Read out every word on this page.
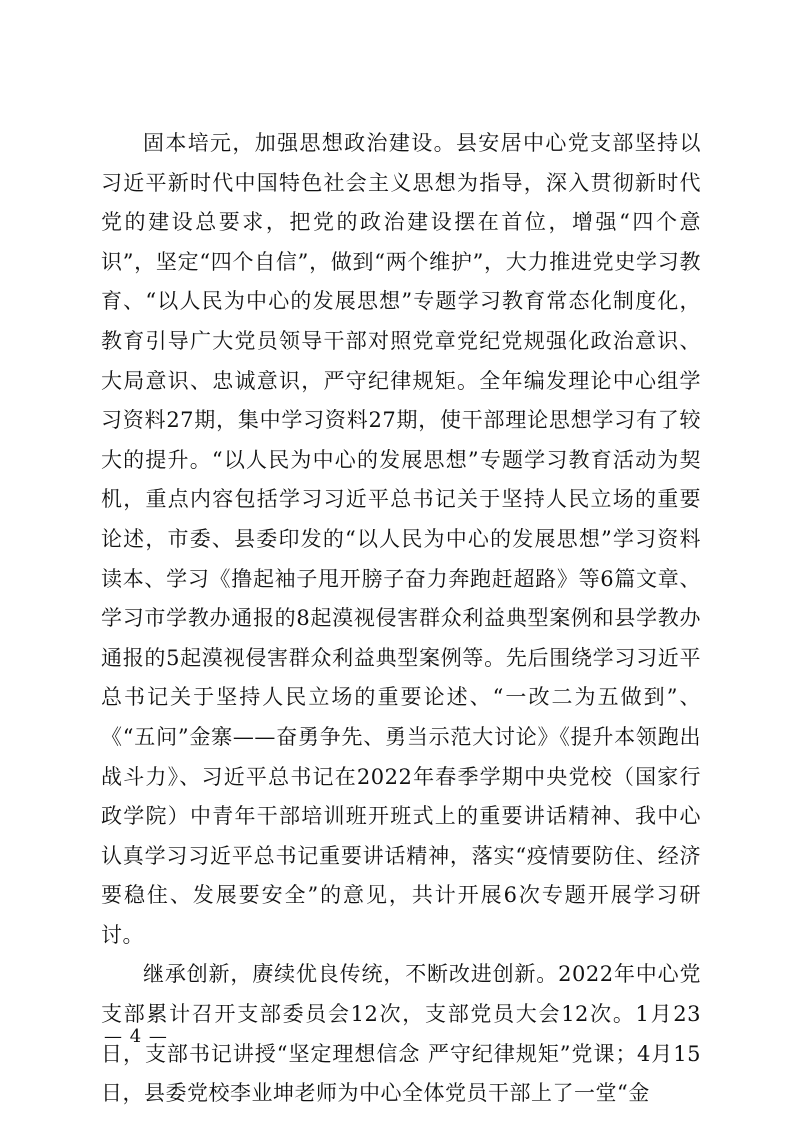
固本培元，加强思想政治建设。县安居中心党支部坚持以习近平新时代中国特色社会主义思想为指导，深入贯彻新时代党的建设总要求，把党的政治建设摆在首位，增强“四个意识”，坚定“四个自信”，做到“两个维护”，大力推进党史学习教育、“以人民为中心的发展思想”专题学习教育常态化制度化，教育引导广大党员领导干部对照党章党纪党规强化政治意识、大局意识、忠诚意识，严守纪律规矩。全年编发理论中心组学习资料27期，集中学习资料27期，使干部理论思想学习有了较大的提升。“以人民为中心的发展思想”专题学习教育活动为契机，重点内容包括学习习近平总书记关于坚持人民立场的重要论述，市委、县委印发的“以人民为中心的发展思想”学习资料读本、学习《撸起袖子甩开膀子奋力奔跑赶超路》等6篇文章、学习市学教办通报的8起漠视侵害群众利益典型案例和县学教办通报的5起漠视侵害群众利益典型案例等。先后围绕学习习近平总书记关于坚持人民立场的重要论述、“一改二为五做到”、《“五问”金寨——奋勇争先、勇当示范大讨论》《提升本领跑出战斗力》、习近平总书记在2022年春季学期中央党校（国家行政学院）中青年干部培训班开班式上的重要讲话精神、我中心认真学习习近平总书记重要讲话精神，落实“疫情要防住、经济要稳住、发展要安全”的意见，共计开展6次专题开展学习研讨。

继承创新，赓续优良传统，不断改进创新。2022年中心党支部累计召开支部委员会12次，支部党员大会12次。1月23日，支部书记讲授“坚定理想信念 严守纪律规矩”党课；4月15日，县委党校李业坤老师为中心全体党员干部上了一堂“金

— 4 —
